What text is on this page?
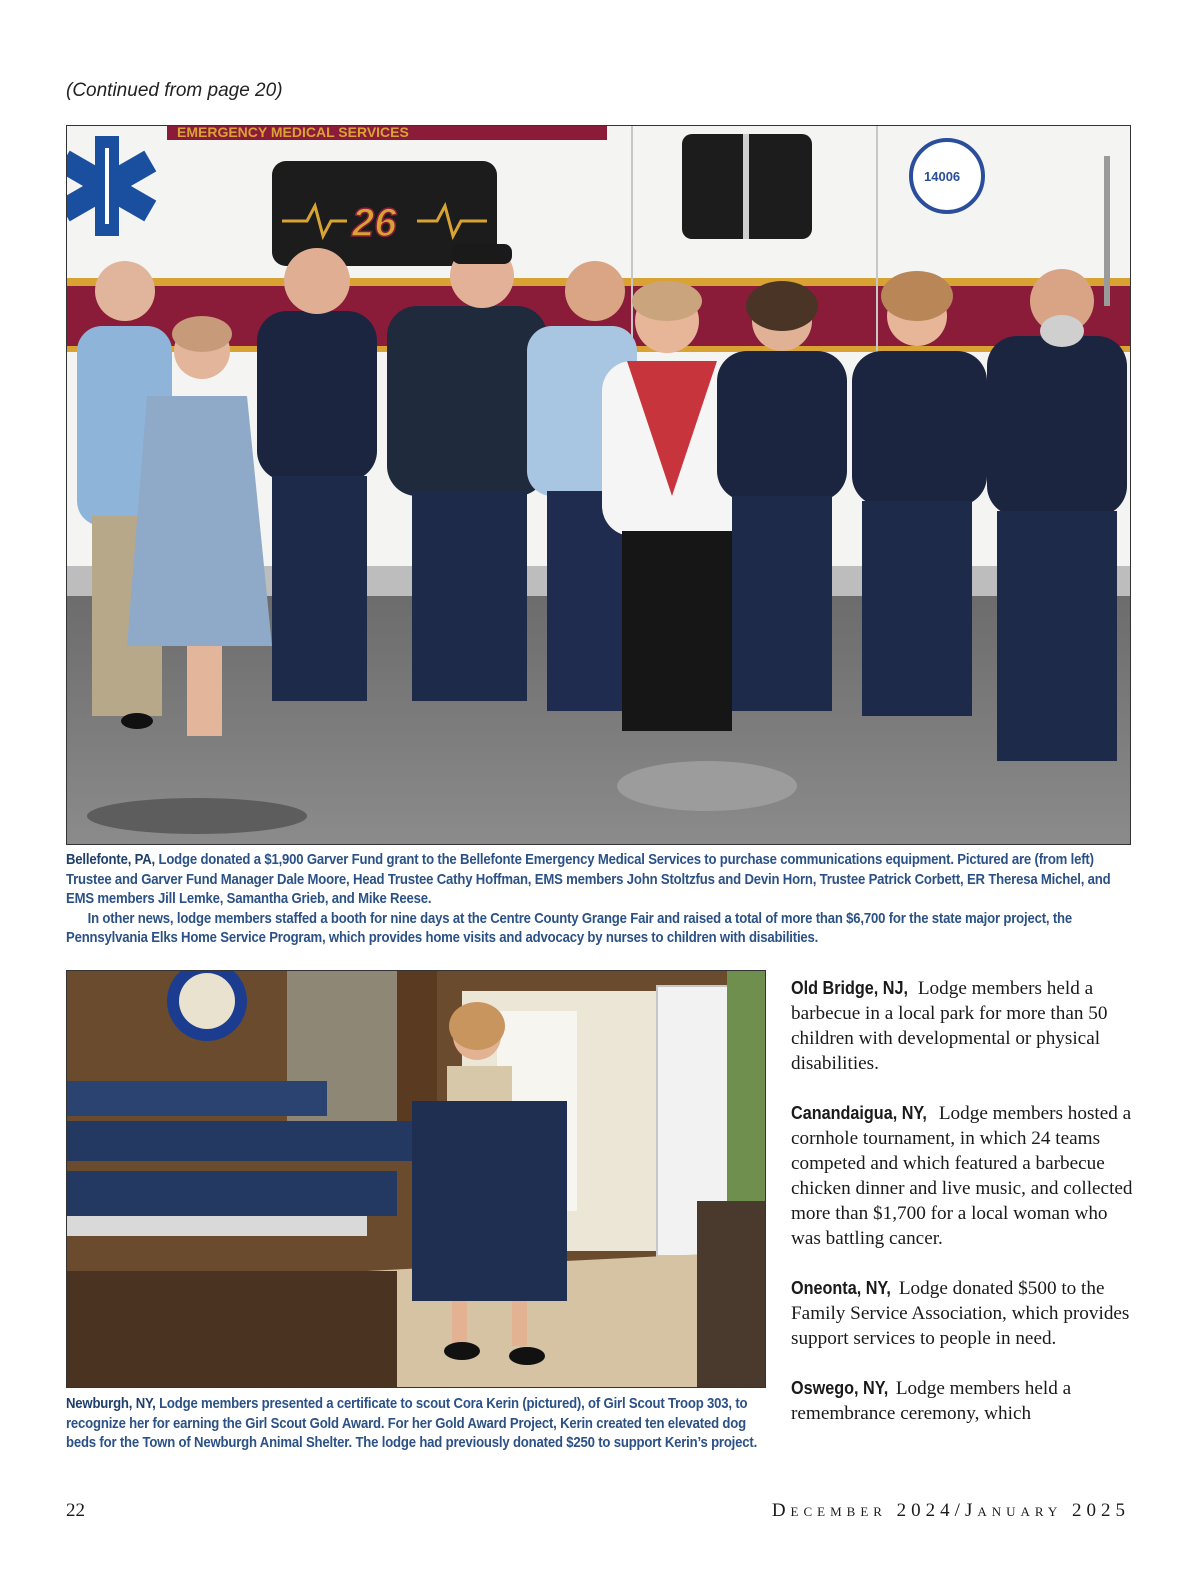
(Continued from page 20)
EMERGENCY MEDICAL SERVICES
26
14006

Bellefonte, PA, Lodge donated a $1,900 Garver Fund grant to the Bellefonte Emergency Medical Services to purchase communications equipment. Pictured are (from left) Trustee and Garver Fund Manager Dale Moore, Head Trustee Cathy Hoffman, EMS members John Stoltzfus and Devin Horn, Trustee Patrick Corbett, ER Theresa Michel, and EMS members Jill Lemke, Samantha Grieb, and Mike Reese.

In other news, lodge members staffed a booth for nine days at the Centre County Grange Fair and raised a total of more than $6,700 for the state major project, the Pennsylvania Elks Home Service Program, which provides home visits and advocacy by nurses to children with disabilities.

Newburgh, NY, Lodge members presented a certificate to scout Cora Kerin (pictured), of Girl Scout Troop 303, to recognize her for earning the Girl Scout Gold Award. For her Gold Award Project, Kerin created ten elevated dog beds for the Town of Newburgh Animal Shelter. The lodge had previously donated $250 to support Kerin’s project.

Old Bridge, NJ, Lodge members held a barbecue in a local park for more than 50 children with developmental or physical disabilities.

Canandaigua, NY, Lodge members hosted a cornhole tournament, in which 24 teams competed and which featured a barbecue chicken dinner and live music, and collected more than $1,700 for a local woman who was battling cancer.

Oneonta, NY, Lodge donated $500 to the Family Service Association, which provides support services to people in need.

Oswego, NY, Lodge members held a remembrance ceremony, which

22	December 2024/January 2025
